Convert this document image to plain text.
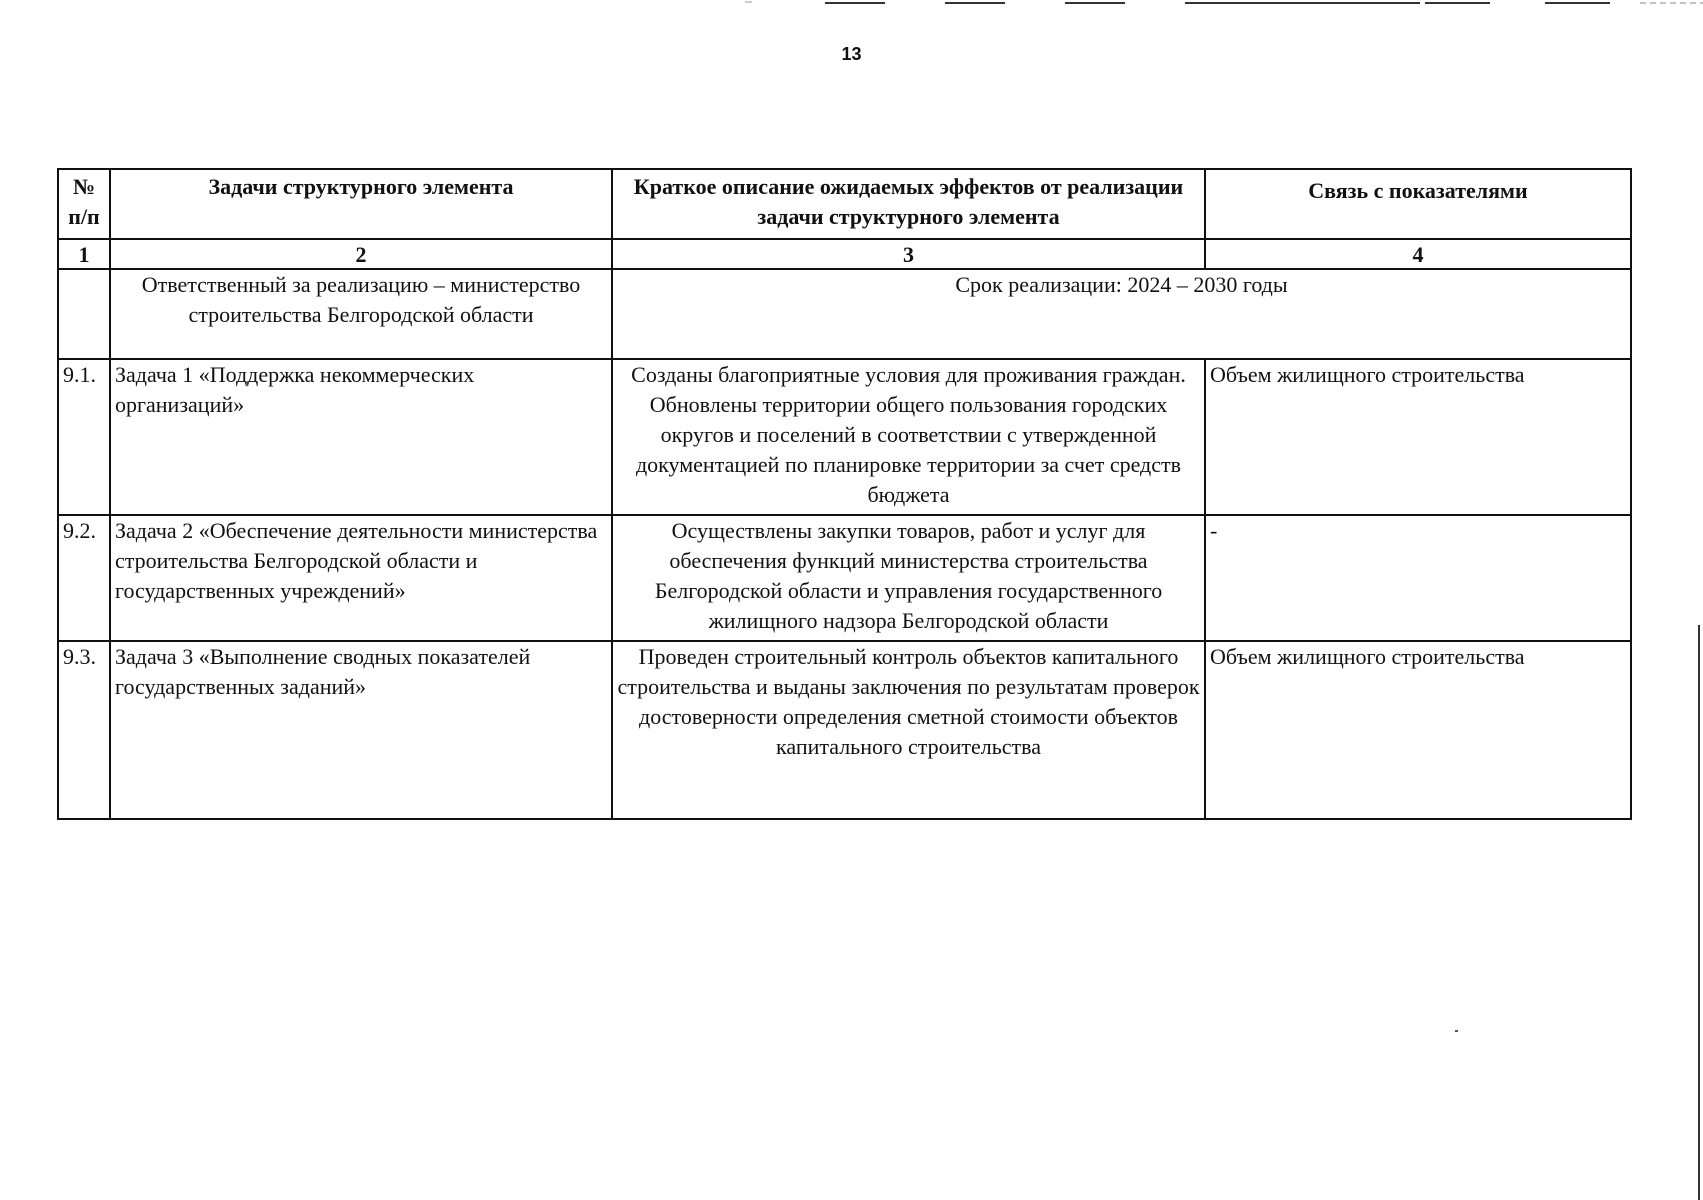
13
№ п/п	Задачи структурного элемента	Краткое описание ожидаемых эффектов от реализации задачи структурного элемента	Связь с показателями
1	2	3	4
	Ответственный за реализацию – министерство строительства Белгородской области	Срок реализации: 2024 – 2030 годы	
9.1.	Задача 1 «Поддержка некоммерческих организаций»	Созданы благоприятные условия для проживания граждан. Обновлены территории общего пользования городских округов и поселений в соответствии с утвержденной документацией по планировке территории за счет средств бюджета	Объем жилищного строительства
9.2.	Задача 2 «Обеспечение деятельности министерства строительства Белгородской области и государственных учреждений»	Осуществлены закупки товаров, работ и услуг для обеспечения функций министерства строительства Белгородской области и управления государственного жилищного надзора Белгородской области	-
9.3.	Задача 3 «Выполнение сводных показателей государственных заданий»	Проведен строительный контроль объектов капитального строительства и выданы заключения по результатам проверок достоверности определения сметной стоимости объектов капитального строительства	Объем жилищного строительства
